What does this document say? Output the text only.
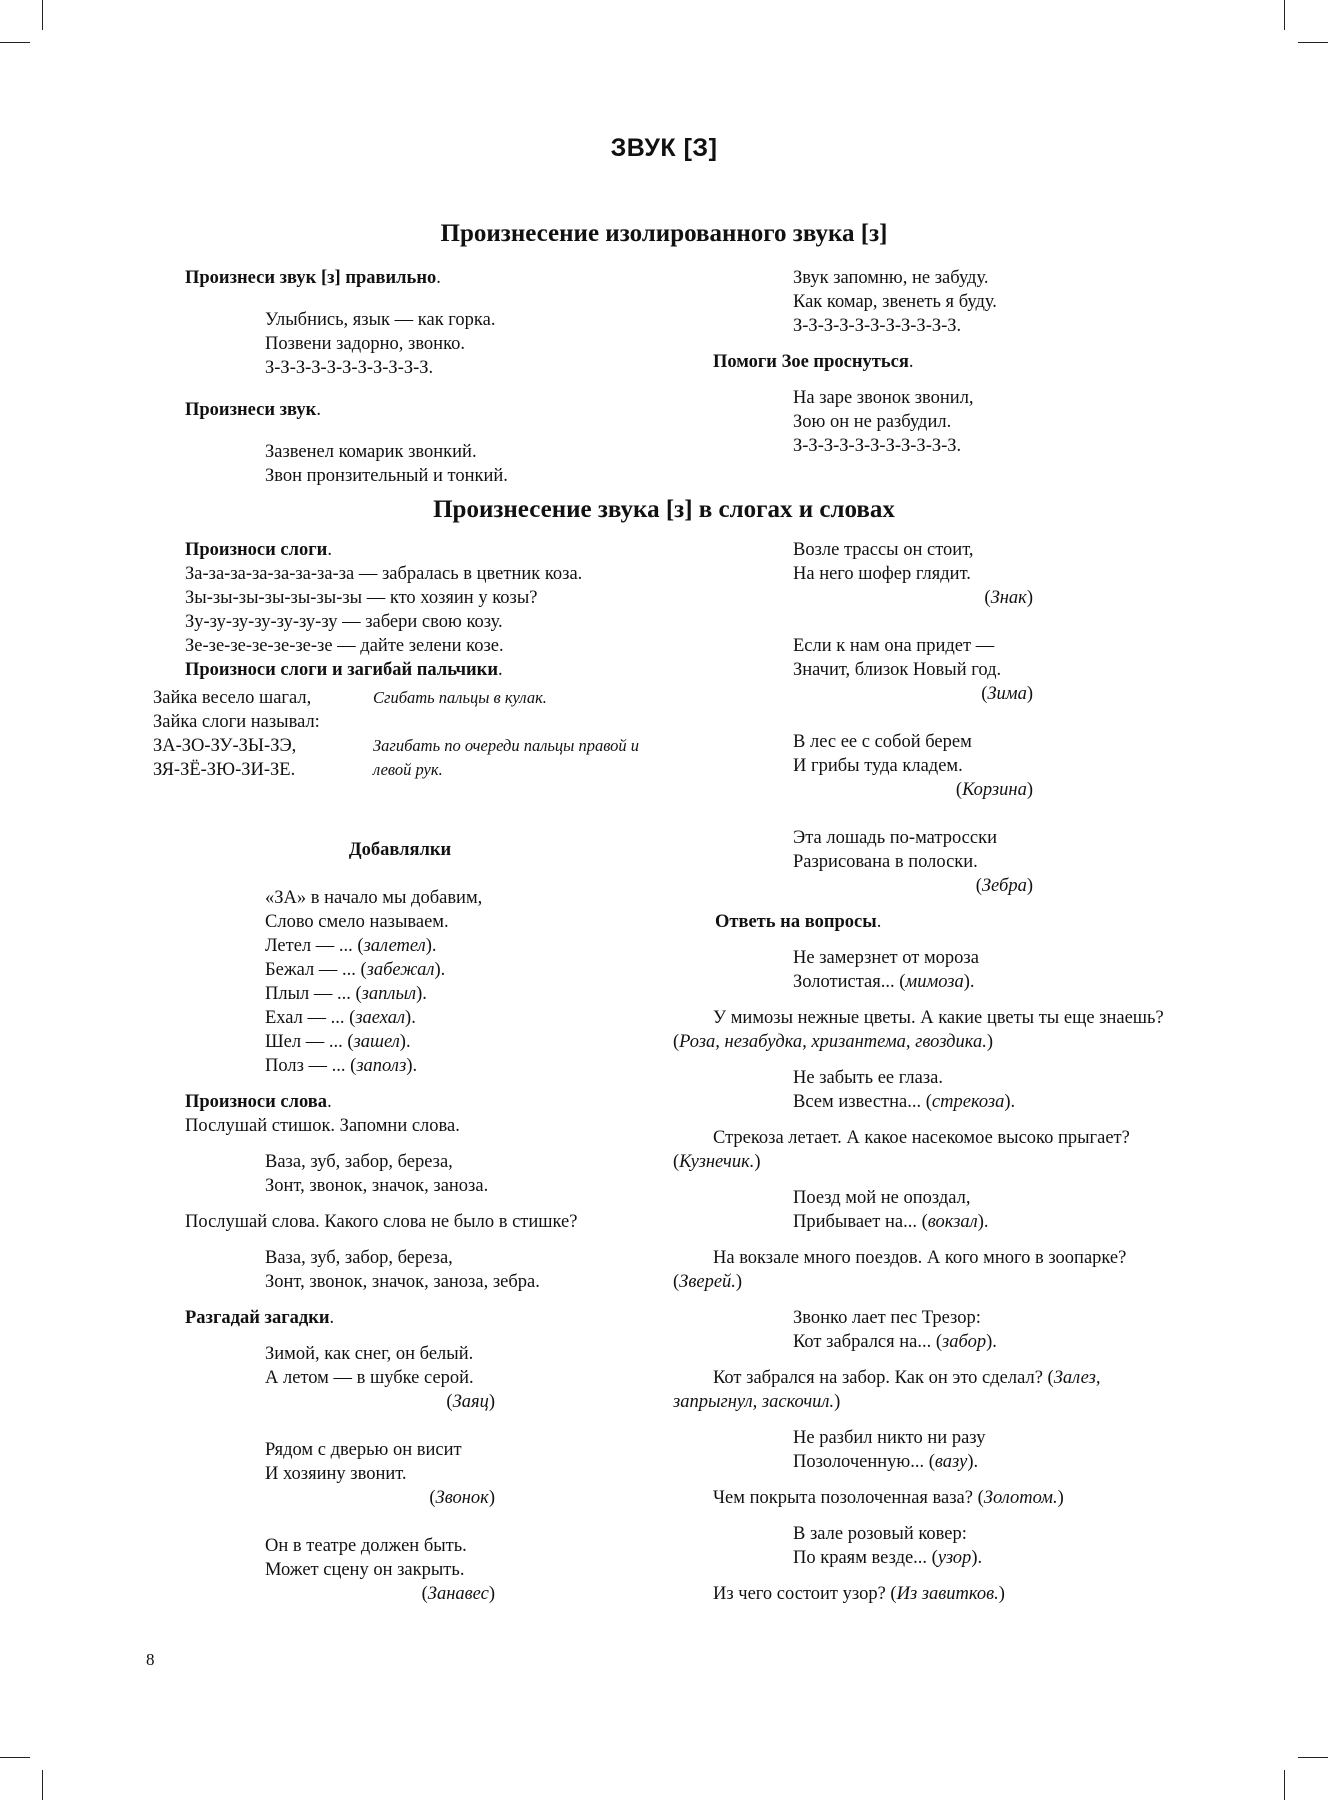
ЗВУК [З]
Произнесение изолированного звука [з]

Произнеси звук [з] правильно.

Улыбнись, язык — как горка.

Позвени задорно, звонко.

З-З-З-З-З-З-З-З-З-З-З.

Произнеси звук.

Зазвенел комарик звонкий.

Звон пронзительный и тонкий.

Звук запомню, не забуду.

Как комар, звенеть я буду.

З-З-З-З-З-З-З-З-З-З-З.

Помоги Зое проснуться.

На заре звонок звонил,

Зою он не разбудил.

З-З-З-З-З-З-З-З-З-З-З.

Произнесение звука [з] в слогах и словах

Произноси слоги.

За-за-за-за-за-за-за-за — забралась в цветник коза.

Зы-зы-зы-зы-зы-зы-зы — кто хозяин у козы?

Зу-зу-зу-зу-зу-зу-зу — забери свою козу.

Зе-зе-зе-зе-зе-зе-зе — дайте зелени козе.

Произноси слоги и загибай пальчики.

Зайка весело шагал,

Зайка слоги называл:

Сгибать пальцы в кулак.

ЗА-ЗО-ЗУ-ЗЫ-ЗЭ,

ЗЯ-ЗЁ-ЗЮ-ЗИ-ЗЕ.

Загибать по очереди пальцы правой и левой рук.

Добавлялки

«ЗА» в начало мы добавим,

Слово смело называем.

Летел — ... (залетел).

Бежал — ... (забежал).

Плыл — ... (заплыл).

Ехал — ... (заехал).

Шел — ... (зашел).

Полз — ... (заполз).

Произноси слова.

Послушай стишок. Запомни слова.

Ваза, зуб, забор, береза,

Зонт, звонок, значок, заноза.

Послушай слова. Какого слова не было в стишке?

Ваза, зуб, забор, береза,

Зонт, звонок, значок, заноза, зебра.

Разгадай загадки.

Зимой, как снег, он белый.

А летом — в шубке серой.

(Заяц)

Рядом с дверью он висит

И хозяину звонит.

(Звонок)

Он в театре должен быть.

Может сцену он закрыть.

(Занавес)

Возле трассы он стоит,

На него шофер глядит.

(Знак)

Если к нам она придет —

Значит, близок Новый год.

(Зима)

В лес ее с собой берем

И грибы туда кладем.

(Корзина)

Эта лошадь по-матросски

Разрисована в полоски.

(Зебра)

Ответь на вопросы.

Не замерзнет от мороза

Золотистая... (мимоза).

У мимозы нежные цветы. А какие цветы ты еще знаешь? (Роза, незабудка, хризантема, гвоздика.)

Не забыть ее глаза.

Всем известна... (стрекоза).

Стрекоза летает. А какое насекомое высоко прыгает? (Кузнечик.)

Поезд мой не опоздал,

Прибывает на... (вокзал).

На вокзале много поездов. А кого много в зоопарке? (Зверей.)

Звонко лает пес Трезор:

Кот забрался на... (забор).

Кот забрался на забор. Как он это сделал? (Залез, запрыгнул, заскочил.)

Не разбил никто ни разу

Позолоченную... (вазу).

Чем покрыта позолоченная ваза? (Золотом.)

В зале розовый ковер:

По краям везде... (узор).

Из чего состоит узор? (Из завитков.)

8
